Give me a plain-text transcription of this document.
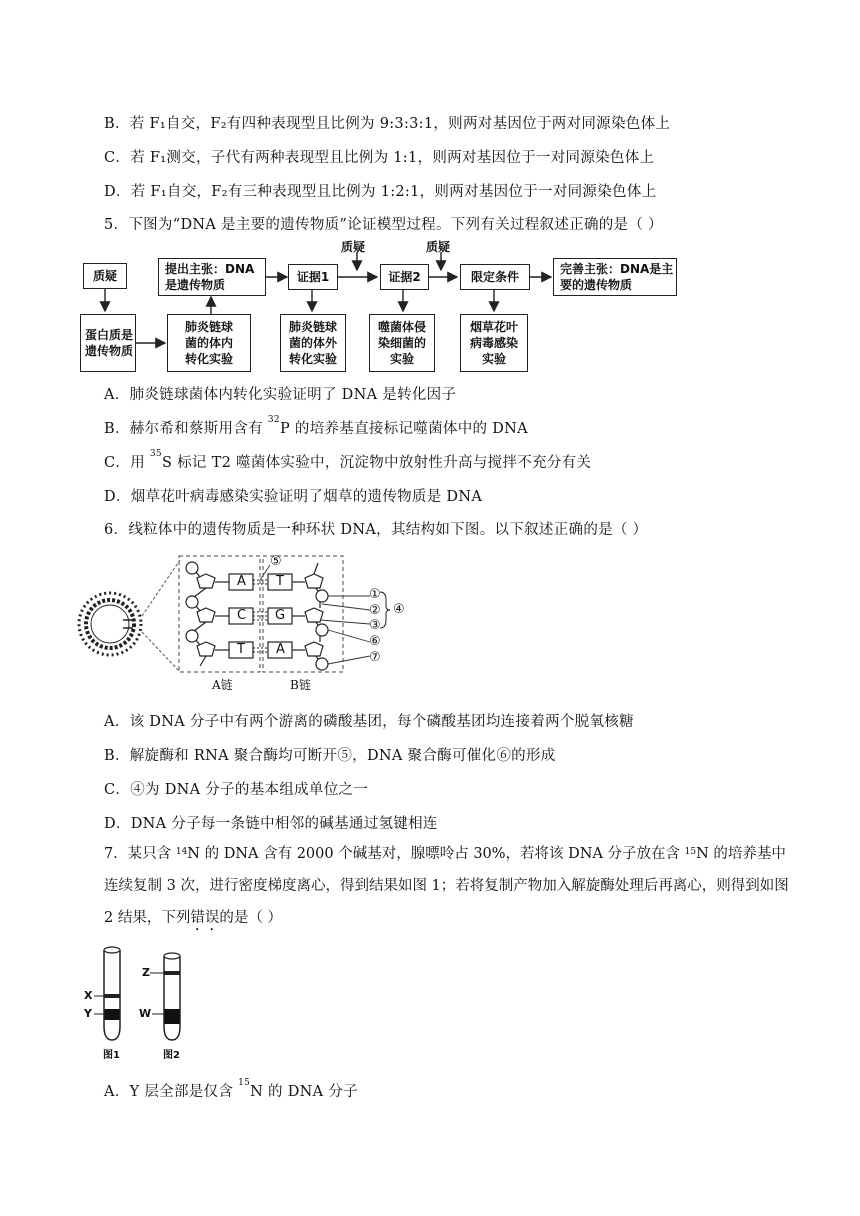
B．若 F₁自交，F₂有四种表现型且比例为 9:3:3:1，则两对基因位于两对同源染色体上
C．若 F₁测交，子代有两种表现型且比例为 1:1，则两对基因位于一对同源染色体上
D．若 F₁自交，F₂有三种表现型且比例为 1:2:1，则两对基因位于一对同源染色体上
5．下图为“DNA 是主要的遗传物质”论证模型过程。下列有关过程叙述正确的是（ ）
质疑
质疑	质疑
提出主张：DNA是遗传物质
证据1	证据2	限定条件
完善主张：DNA是主要的遗传物质
蛋白质是遗传物质
肺炎链球菌的体内转化实验
肺炎链球菌的体外转化实验
噬菌体侵染细菌的实验
烟草花叶病毒感染实验
A．肺炎链球菌体内转化实验证明了 DNA 是转化因子
B．赫尔希和蔡斯用含有 $^{32}$P 的培养基直接标记噬菌体中的 DNA
C．用 $^{35}$S 标记 T2 噬菌体实验中，沉淀物中放射性升高与搅拌不充分有关
D．烟草花叶病毒感染实验证明了烟草的遗传物质是 DNA
6．线粒体中的遗传物质是一种环状 DNA，其结构如下图。以下叙述正确的是（ ）
A
C
T
T
G
A
⑤
①
②
③
④
⑥
⑦
A链	B链
A．该 DNA 分子中有两个游离的磷酸基团，每个磷酸基团均连接着两个脱氧核糖
B．解旋酶和 RNA 聚合酶均可断开⑤，DNA 聚合酶可催化⑥的形成
C．④为 DNA 分子的基本组成单位之一
D．DNA 分子每一条链中相邻的碱基通过氢键相连
7．某只含 $^{14}$N 的 DNA 含有 2000 个碱基对，腺嘌呤占 30%，若将该 DNA 分子放在含 $^{15}$N 的培养基中连续复制 3 次，进行密度梯度离心，得到结果如图 1；若将复制产物加入解旋酶处理后再离心，则得到如图 2 结果，下列错误的是（ ）
X
Y
Z
W
图1	图2
A．Y 层全部是仅含 $^{15}$N 的 DNA 分子
